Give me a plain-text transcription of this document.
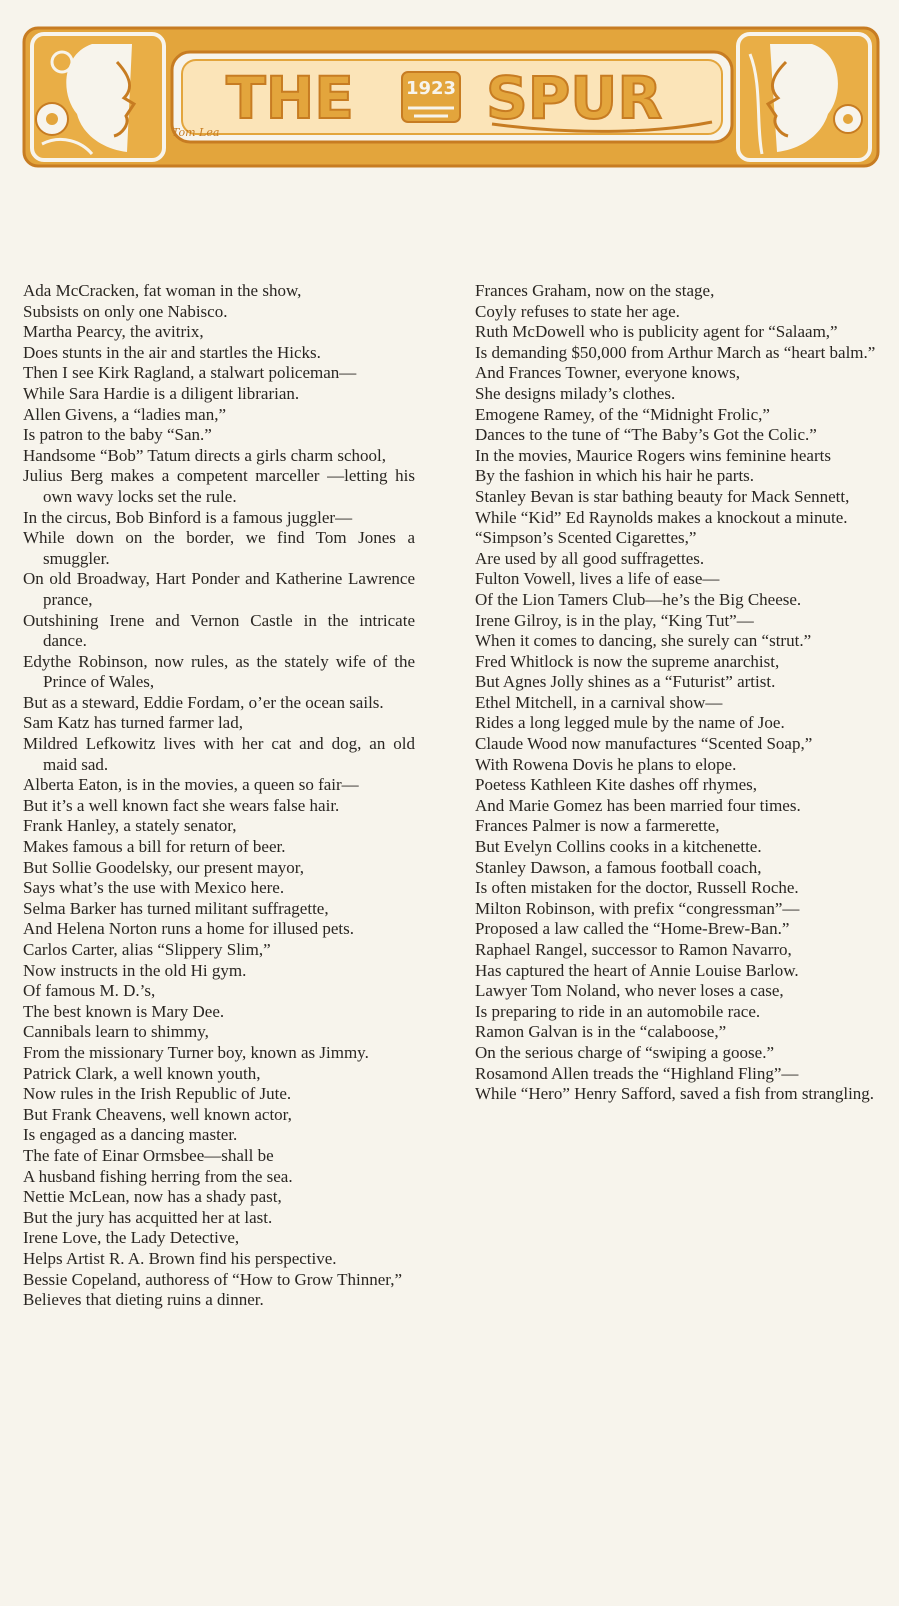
THE	1923 SPUR
Tom Lea

Ada McCracken, fat woman in the show,

Subsists on only one Nabisco.

Martha Pearcy, the avitrix,

Does stunts in the air and startles the Hicks.

Then I see Kirk Ragland, a stalwart policeman—

While Sara Hardie is a diligent librarian.

Allen Givens, a “ladies man,”

Is patron to the baby “San.”

Handsome “Bob” Tatum directs a girls charm school,

Julius Berg makes a competent marceller —letting his own wavy locks set the rule.

In the circus, Bob Binford is a famous juggler—

While down on the border, we find Tom Jones a smuggler.

On old Broadway, Hart Ponder and Katherine Lawrence prance,

Outshining Irene and Vernon Castle in the intricate dance.

Edythe Robinson, now rules, as the stately wife of the Prince of Wales,

But as a steward, Eddie Fordam, o’er the ocean sails.

Sam Katz has turned farmer lad,

Mildred Lefkowitz lives with her cat and dog, an old maid sad.

Alberta Eaton, is in the movies, a queen so fair—

But it’s a well known fact she wears false hair.

Frank Hanley, a stately senator,

Makes famous a bill for return of beer.

But Sollie Goodelsky, our present mayor,

Says what’s the use with Mexico here.

Selma Barker has turned militant suffragette,

And Helena Norton runs a home for illused pets.

Carlos Carter, alias “Slippery Slim,”

Now instructs in the old Hi gym.

Of famous M. D.’s,

The best known is Mary Dee.

Cannibals learn to shimmy,

From the missionary Turner boy, known as Jimmy.

Patrick Clark, a well known youth,

Now rules in the Irish Republic of Jute.

But Frank Cheavens, well known actor,

Is engaged as a dancing master.

The fate of Einar Ormsbee—shall be

A husband fishing herring from the sea.

Nettie McLean, now has a shady past,

But the jury has acquitted her at last.

Irene Love, the Lady Detective,

Helps Artist R. A. Brown find his perspective.

Bessie Copeland, authoress of “How to Grow Thinner,”

Believes that dieting ruins a dinner.

Frances Graham, now on the stage,

Coyly refuses to state her age.

Ruth McDowell who is publicity agent for “Salaam,”

Is demanding $50,000 from Arthur March as “heart balm.”

And Frances Towner, everyone knows,

She designs milady’s clothes.

Emogene Ramey, of the “Midnight Frolic,”

Dances to the tune of “The Baby’s Got the Colic.”

In the movies, Maurice Rogers wins feminine hearts

By the fashion in which his hair he parts.

Stanley Bevan is star bathing beauty for Mack Sennett,

While “Kid” Ed Raynolds makes a knockout a minute.

“Simpson’s Scented Cigarettes,”

Are used by all good suffragettes.

Fulton Vowell, lives a life of ease—

Of the Lion Tamers Club—he’s the Big Cheese.

Irene Gilroy, is in the play, “King Tut”—

When it comes to dancing, she surely can “strut.”

Fred Whitlock is now the supreme anarchist,

But Agnes Jolly shines as a “Futurist” artist.

Ethel Mitchell, in a carnival show—

Rides a long legged mule by the name of Joe.

Claude Wood now manufactures “Scented Soap,”

With Rowena Dovis he plans to elope.

Poetess Kathleen Kite dashes off rhymes,

And Marie Gomez has been married four times.

Frances Palmer is now a farmerette,

But Evelyn Collins cooks in a kitchenette.

Stanley Dawson, a famous football coach,

Is often mistaken for the doctor, Russell Roche.

Milton Robinson, with prefix “congressman”—

Proposed a law called the “Home-Brew-Ban.”

Raphael Rangel, successor to Ramon Navarro,

Has captured the heart of Annie Louise Barlow.

Lawyer Tom Noland, who never loses a case,

Is preparing to ride in an automobile race.

Ramon Galvan is in the “calaboose,”

On the serious charge of “swiping a goose.”

Rosamond Allen treads the “Highland Fling”—

While “Hero” Henry Safford, saved a fish from strangling.
